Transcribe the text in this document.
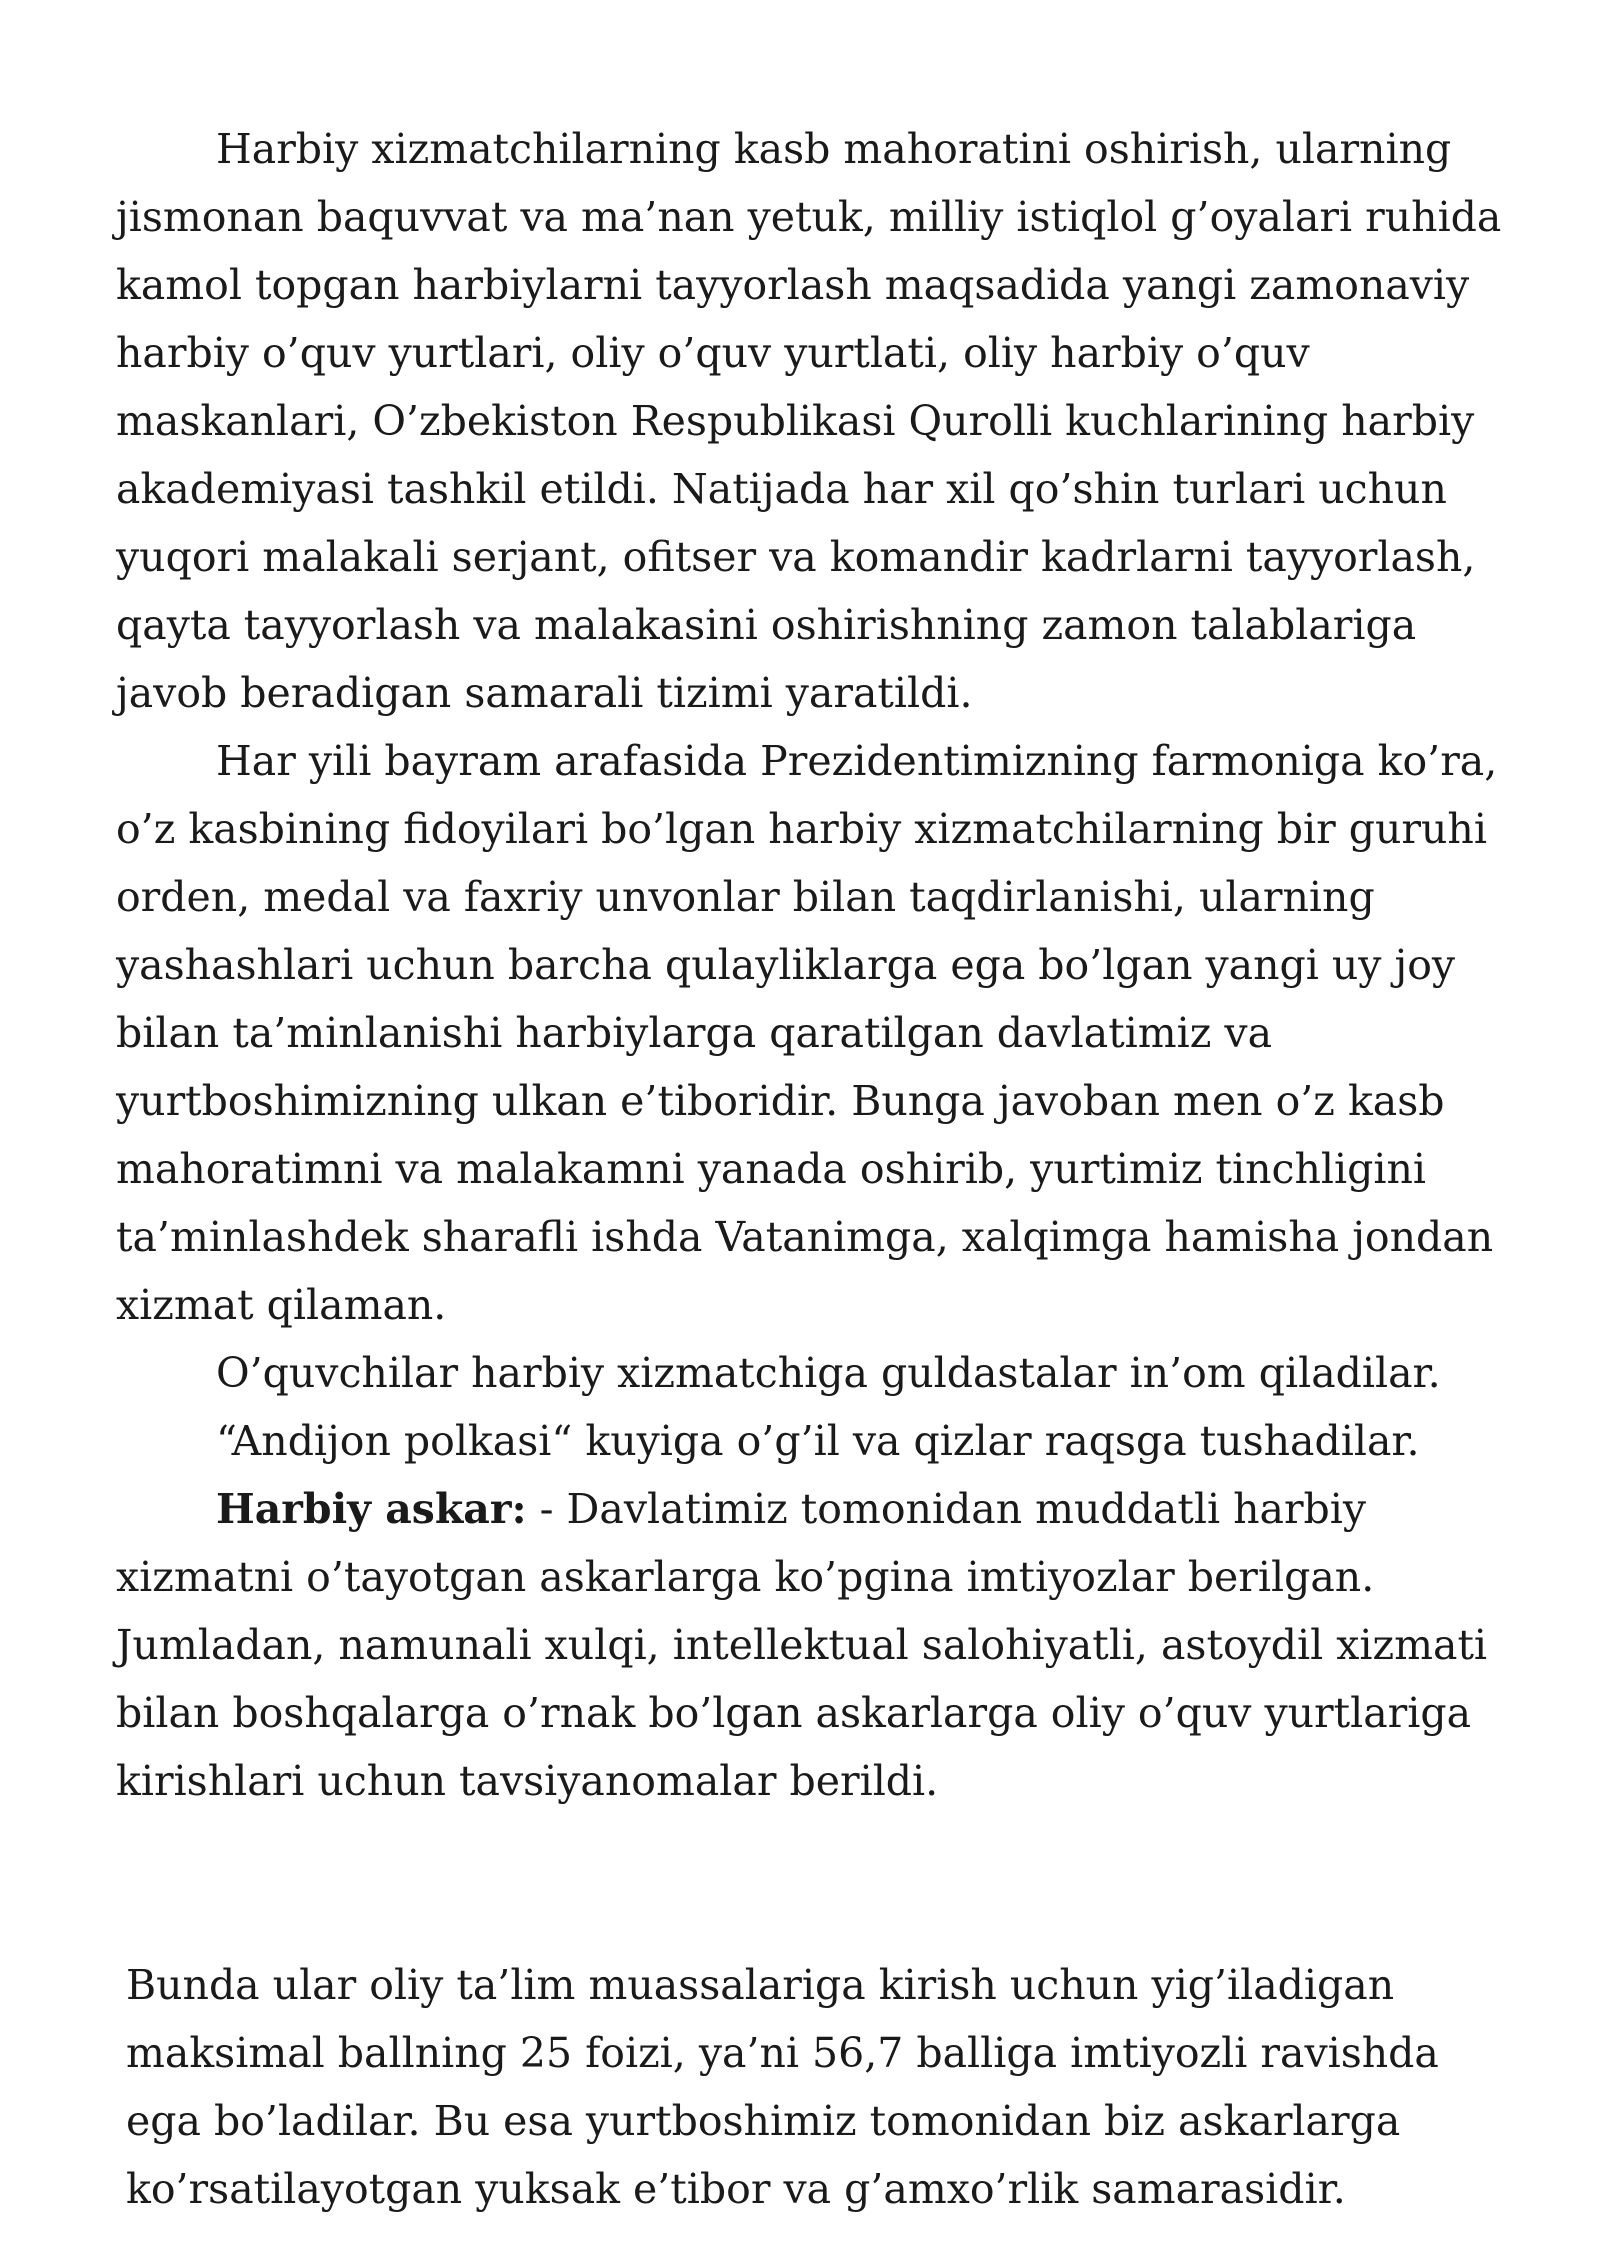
Harbiy xizmatchilarning kasb mahoratini oshirish, ularning jismonan baquvvat va ma’nan yetuk, milliy istiqlol g’oyalari ruhida kamol topgan harbiylarni tayyorlash maqsadida yangi zamonaviy harbiy o’quv yurtlari, oliy o’quv yurtlati, oliy harbiy o’quv maskanlari, O’zbekiston Respublikasi Qurolli kuchlarining harbiy akademiyasi tashkil etildi. Natijada har xil qo’shin turlari uchun yuqori malakali serjant, ofitser va komandir kadrlarni tayyorlash, qayta tayyorlash va malakasini oshirishning zamon talablariga javob beradigan samarali tizimi yaratildi.

Har yili bayram arafasida Prezidentimizning farmoniga ko’ra, o’z kasbining fidoyilari bo’lgan harbiy xizmatchilarning bir guruhi orden, medal va faxriy unvonlar bilan taqdirlanishi, ularning yashashlari uchun barcha qulayliklarga ega bo’lgan yangi uy joy bilan ta’minlanishi harbiylarga qaratilgan davlatimiz va yurtboshimizning ulkan e’tiboridir. Bunga javoban men o’z kasb mahoratimni va malakamni yanada oshirib, yurtimiz tinchligini ta’minlashdek sharafli ishda Vatanimga, xalqimga hamisha jondan xizmat qilaman.

O’quvchilar harbiy xizmatchiga guldastalar in’om qiladilar.

“Andijon polkasi“ kuyiga o’g’il va qizlar raqsga tushadilar.

Harbiy askar: - Davlatimiz tomonidan muddatli harbiy xizmatni o’tayotgan askarlarga ko’pgina imtiyozlar berilgan. Jumladan, namunali xulqi, intellektual salohiyatli, astoydil xizmati bilan boshqalarga o’rnak bo’lgan askarlarga oliy o’quv yurtlariga kirishlari uchun tavsiyanomalar berildi.

Bunda ular oliy ta’lim muassalariga kirish uchun yig’iladigan maksimal ballning 25 foizi, ya’ni 56,7 balliga imtiyozli ravishda ega bo’ladilar. Bu esa yurtboshimiz tomonidan biz askarlarga ko’rsatilayotgan yuksak e’tibor va g’amxo’rlik samarasidir.
